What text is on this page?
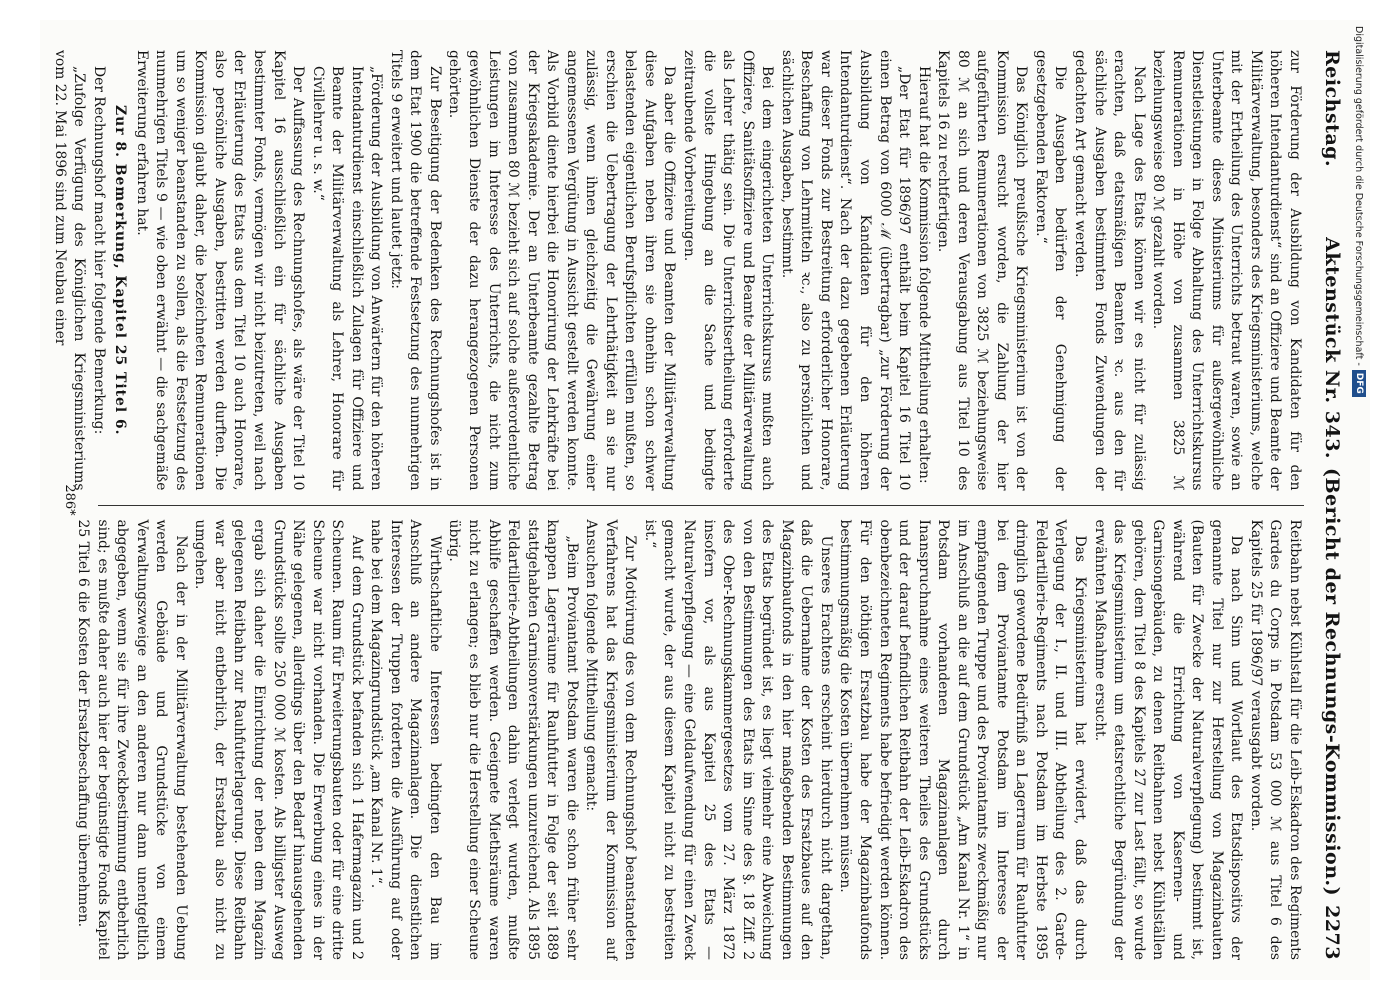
Reichstag.
Aktenstück Nr. 343.
(Bericht der Rechnungs-Kommission.)
2273

zur Förderung der Ausbildung von Kandidaten für den höheren Intendanturdienst“ sind an Offiziere und Beamte der Militärverwaltung, besonders des Kriegsministeriums, welche mit der Ertheilung des Unterrichts betraut waren, sowie an Unterbeamte dieses Ministeriums für außergewöhnliche Dienstleistungen in Folge Abhaltung des Unterrichtskursus Remunerationen in Höhe von zusammen 3825 ℳ beziehungsweise 80 ℳ gezahlt worden.

Nach Lage des Etats können wir es nicht für zulässig erachten, daß etatsmäßigen Beamten ꝛc. aus den für sächliche Ausgaben bestimmten Fonds Zuwendungen der gedachten Art gemacht werden.

Die Ausgaben bedürfen der Genehmigung der gesetzgebenden Faktoren.“

Das Königlich preußische Kriegsministerium ist von der Kommission ersucht worden, die Zahlung der hier aufgeführten Remunerationen von 3825 ℳ beziehungsweise 80 ℳ an sich und deren Verausgabung aus Titel 10 des Kapitels 16 zu rechtfertigen.

Hierauf hat die Kommission folgende Mittheilung erhalten:

„Der Etat für 1896/97 enthält beim Kapitel 16 Titel 10 einen Betrag von 6000 ℳ (übertragbar) „zur Förderung der Ausbildung von Kandidaten für den höheren Intendanturdienst“. Nach der dazu gegebenen Erläuterung war dieser Fonds zur Bestreitung erforderlicher Honorare, Beschaffung von Lehrmitteln ꝛc., also zu persönlichen und sächlichen Ausgaben, bestimmt.

Bei dem eingerichteten Unterrichtskursus mußten auch Offiziere, Sanitätsoffiziere und Beamte der Militärverwaltung als Lehrer thätig sein. Die Unterrichtsertheilung erforderte die vollste Hingebung an die Sache und bedingte zeitraubende Vorbereitungen.

Da aber die Offiziere und Beamten der Militärverwaltung diese Aufgaben neben ihren sie ohnehin schon schwer belastenden eigentlichen Berufspflichten erfüllen mußten, so erschien die Uebertragung der Lehrthätigkeit an sie nur zulässig, wenn ihnen gleichzeitig die Gewährung einer angemessenen Vergütung in Aussicht gestellt werden konnte. Als Vorbild diente hierbei die Honorirung der Lehrkräfte bei der Kriegsakademie. Der an Unterbeamte gezahlte Betrag von zusammen 80 ℳ bezieht sich auf solche außerordentliche Leistungen im Interesse des Unterrichts, die nicht zum gewöhnlichen Dienste der dazu herangezogenen Personen gehörten.

Zur Beseitigung der Bedenken des Rechnungshofes ist in dem Etat 1900 die betreffende Festsetzung des nunmehrigen Titels 9 erweitert und lautet jetzt:

„Förderung der Ausbildung von Anwärtern für den höheren Intendanturdienst einschließlich Zulagen für Offiziere und Beamte der Militärverwaltung als Lehrer, Honorare für Civillehrer u. s. w.“

Der Auffassung des Rechnungshofes, als wäre der Titel 10 Kapitel 16 ausschließlich ein für sächliche Ausgaben bestimmter Fonds, vermögen wir nicht beizutreten, weil nach der Erläuterung des Etats aus dem Titel 10 auch Honorare, also persönliche Ausgaben, bestritten werden durften. Die Kommission glaubt daher, die bezeichneten Remunerationen um so weniger beanstanden zu sollen, als die Festsetzung des nunmehrigen Titels 9 — wie oben erwähnt — die sachgemäße Erweiterung erfahren hat.

Zur 8. Bemerkung, Kapitel 25 Titel 6.

Der Rechnungshof macht hier folgende Bemerkung:

„Zufolge Verfügung des Königlichen Kriegsministeriums vom 22. Mai 1896 sind zum Neubau einer

Reitbahn nebst Kühlstall für die Leib-Eskadron des Regiments Gardes du Corps in Potsdam 53 000 ℳ aus Titel 6 des Kapitels 25 für 1896/97 verausgabt worden.

Da nach Sinn und Wortlaut des Etatsdispositivs der genannte Titel nur zur Herstellung von Magazinbauten (Bauten für Zwecke der Naturalverpflegung) bestimmt ist, während die Errichtung von Kasernen- und Garnisongebäuden, zu denen Reitbahnen nebst Kühlställen gehören, dem Titel 8 des Kapitels 27 zur Last fällt, so wurde das Kriegsministerium um etatsrechtliche Begründung der erwähnten Maßnahme ersucht.

Das Kriegsministerium hat erwidert, daß das durch Verlegung der I., II. und III. Abtheilung des 2. Garde-Feldartillerie-Regiments nach Potsdam im Herbste 1895 dringlich gewordene Bedürfniß an Lagerraum für Rauhfutter bei dem Proviantamte Potsdam im Interesse der empfangenden Truppe und des Proviantamts zweckmäßig nur im Anschluß an die auf dem Grundstück „Am Kanal Nr. 1“ in Potsdam vorhandenen Magazinanlagen durch Inanspruchnahme eines weiteren Theiles des Grundstücks und der darauf befindlichen Reitbahn der Leib-Eskadron des obenbezeichneten Regiments habe befriedigt werden können. Für den nöthigen Ersatzbau habe der Magazinbaufonds bestimmungsmäßig die Kosten übernehmen müssen.

Unseres Erachtens erscheint hierdurch nicht dargethan, daß die Uebernahme der Kosten des Ersatzbaues auf den Magazinbaufonds in den hier maßgebenden Bestimmungen des Etats begründet ist, es liegt vielmehr eine Abweichung von den Bestimmungen des Etats im Sinne des §. 18 Ziff. 2 des Ober-Rechnungskammergesetzes vom 27. März 1872 insofern vor, als aus Kapitel 25 des Etats — Naturalverpflegung — eine Geldaufwendung für einen Zweck gemacht wurde, der aus diesem Kapitel nicht zu bestreiten ist.“

Zur Motivirung des von dem Rechnungshof beanstandeten Verfahrens hat das Kriegsministerium der Kommission auf Ansuchen folgende Mittheilung gemacht:

„Beim Proviantamt Potsdam waren die schon früher sehr knappen Lagerräume für Rauhfutter in Folge der seit 1889 stattgehabten Garnisonverstärkungen unzureichend. Als 1895 Feldartillerie-Abtheilungen dahin verlegt wurden, mußte Abhilfe geschaffen werden. Geeignete Miethsräume waren nicht zu erlangen; es blieb nur die Herstellung einer Scheune übrig.

Wirthschaftliche Interessen bedingten den Bau im Anschluß an andere Magazinanlagen. Die dienstlichen Interessen der Truppen forderten die Ausführung auf oder nahe bei dem Magazingrundstück „am Kanal Nr. 1“.

Auf dem Grundstück befanden sich 1 Hafermagazin und 2 Scheunen. Raum für Erweiterungsbauten oder für eine dritte Scheune war nicht vorhanden. Die Erwerbung eines in der Nähe gelegenen, allerdings über den Bedarf hinausgehenden Grundstücks sollte 250 000 ℳ kosten. Als billigster Ausweg ergab sich daher die Einrichtung der neben dem Magazin gelegenen Reitbahn zur Rauhfutterlagerung. Diese Reitbahn war aber nicht entbehrlich, der Ersatzbau also nicht zu umgehen.

Nach der in der Militärverwaltung bestehenden Uebung werden Gebäude und Grundstücke von einem Verwaltungszweige an den anderen nur dann unentgeltlich abgegeben, wenn sie für ihre Zweckbestimmung entbehrlich sind; es mußte daher auch hier der begünstigte Fonds Kapitel 25 Titel 6 die Kosten der Ersatzbeschaffung übernehmen.

286*
Digitalisierung gefördert durch die Deutsche Forschungsgemeinschaft -
DFG
